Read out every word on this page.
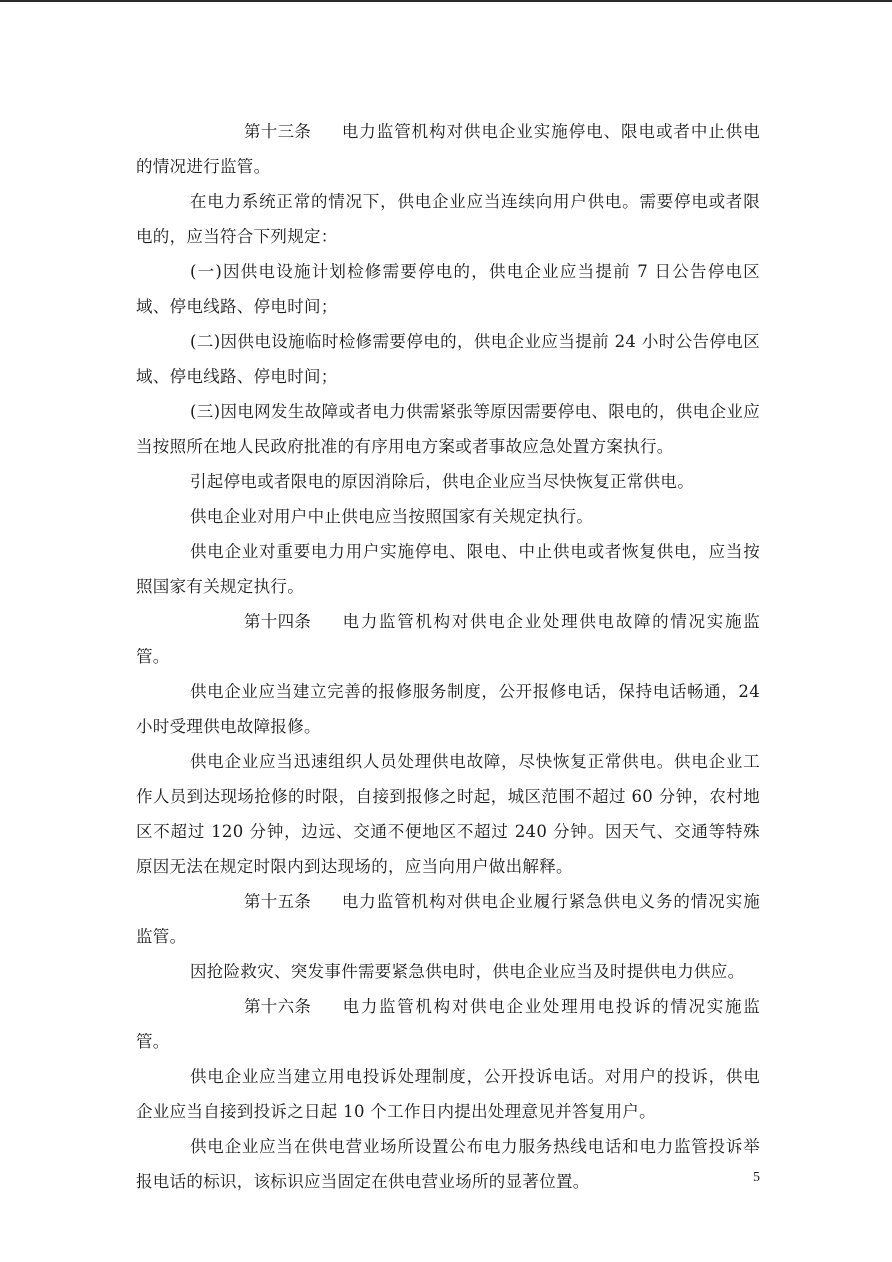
第十三条 电力监管机构对供电企业实施停电、限电或者中止供电的情况进行监管。

在电力系统正常的情况下，供电企业应当连续向用户供电。需要停电或者限电的，应当符合下列规定：

(一)因供电设施计划检修需要停电的，供电企业应当提前 7 日公告停电区域、停电线路、停电时间；

(二)因供电设施临时检修需要停电的，供电企业应当提前 24 小时公告停电区域、停电线路、停电时间；

(三)因电网发生故障或者电力供需紧张等原因需要停电、限电的，供电企业应当按照所在地人民政府批准的有序用电方案或者事故应急处置方案执行。

引起停电或者限电的原因消除后，供电企业应当尽快恢复正常供电。

供电企业对用户中止供电应当按照国家有关规定执行。

供电企业对重要电力用户实施停电、限电、中止供电或者恢复供电，应当按照国家有关规定执行。

第十四条 电力监管机构对供电企业处理供电故障的情况实施监管。

供电企业应当建立完善的报修服务制度，公开报修电话，保持电话畅通，24 小时受理供电故障报修。

供电企业应当迅速组织人员处理供电故障，尽快恢复正常供电。供电企业工作人员到达现场抢修的时限，自接到报修之时起，城区范围不超过 60 分钟，农村地区不超过 120 分钟，边远、交通不便地区不超过 240 分钟。因天气、交通等特殊原因无法在规定时限内到达现场的，应当向用户做出解释。

第十五条 电力监管机构对供电企业履行紧急供电义务的情况实施监管。

因抢险救灾、突发事件需要紧急供电时，供电企业应当及时提供电力供应。

第十六条 电力监管机构对供电企业处理用电投诉的情况实施监管。

供电企业应当建立用电投诉处理制度，公开投诉电话。对用户的投诉，供电企业应当自接到投诉之日起 10 个工作日内提出处理意见并答复用户。

供电企业应当在供电营业场所设置公布电力服务热线电话和电力监管投诉举报电话的标识，该标识应当固定在供电营业场所的显著位置。	5
